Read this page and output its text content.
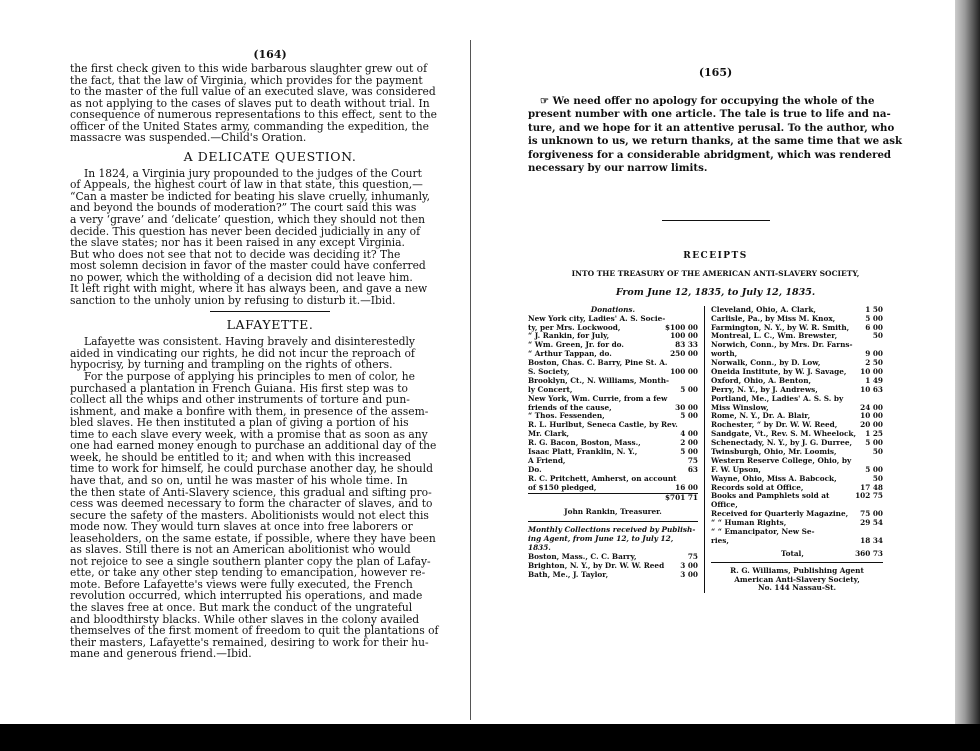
(164)
the first check given to this wide barbarous slaughter grew out of
the fact, that the law of Virginia, which provides for the payment
to the master of the full value of an executed slave, was considered
as not applying to the cases of slaves put to death without trial. In
consequence of numerous representations to this effect, sent to the
officer of the United States army, commanding the expedition, the
massacre was suspended.—Child's Oration.
A DELICATE QUESTION.
In 1824, a Virginia jury propounded to the judges of the Court
of Appeals, the highest court of law in that state, this question,—
“Can a master be indicted for beating his slave cruelly, inhumanly,
and beyond the bounds of moderation?” The court said this was
a very ‘grave’ and ‘delicate’ question, which they should not then
decide. This question has never been decided judicially in any of
the slave states; nor has it been raised in any except Virginia.
But who does not see that not to decide was deciding it? The
most solemn decision in favor of the master could have conferred
no power, which the witholding of a decision did not leave him.
It left right with might, where it has always been, and gave a new
sanction to the unholy union by refusing to disturb it.—Ibid.
LAFAYETTE.
Lafayette was consistent. Having bravely and disinterestedly
aided in vindicating our rights, he did not incur the reproach of
hypocrisy, by turning and trampling on the rights of others.
For the purpose of applying his principles to men of color, he
purchased a plantation in French Guiana. His first step was to
collect all the whips and other instruments of torture and pun-
ishment, and make a bonfire with them, in presence of the assem-
bled slaves. He then instituted a plan of giving a portion of his
time to each slave every week, with a promise that as soon as any
one had earned money enough to purchase an additional day of the
week, he should be entitled to it; and when with this increased
time to work for himself, he could purchase another day, he should
have that, and so on, until he was master of his whole time. In
the then state of Anti-Slavery science, this gradual and sifting pro-
cess was deemed necessary to form the character of slaves, and to
secure the safety of the masters. Abolitionists would not elect this
mode now. They would turn slaves at once into free laborers or
leaseholders, on the same estate, if possible, where they have been
as slaves. Still there is not an American abolitionist who would
not rejoice to see a single southern planter copy the plan of Lafay-
ette, or take any other step tending to emancipation, however re-
mote. Before Lafayette's views were fully executed, the French
revolution occurred, which interrupted his operations, and made
the slaves free at once. But mark the conduct of the ungrateful
and bloodthirsty blacks. While other slaves in the colony availed
themselves of the first moment of freedom to quit the plantations of
their masters, Lafayette's remained, desiring to work for their hu-
mane and generous friend.—Ibid.
(165)
☞ We need offer no apology for occupying the whole of the
present number with one article. The tale is true to life and na-
ture, and we hope for it an attentive perusal. To the author, who
is unknown to us, we return thanks, at the same time that we ask
forgiveness for a considerable abridgment, which was rendered
necessary by our narrow limits.
RECEIPTS
INTO THE TREASURY OF THE AMERICAN ANTI-SLAVERY SOCIETY,
From June 12, 1835, to July 12, 1835.
Donations.
New York city, Ladies' A. S. Socie-
ty, per Mrs. Lockwood,	$100 00
“ J. Rankin, for July,	100 00
“ Wm. Green, Jr. for do.	83 33
“ Arthur Tappan, do.	250 00
Boston, Chas. C. Barry, Pine St. A.
S. Society,	100 00
Brooklyn, Ct., N. Williams, Month-
ly Concert,	5 00
New York, Wm. Currie, from a few
friends of the cause,	30 00
“ Thos. Fessenden,	5 00
R. L. Hurlbut, Seneca Castle, by Rev.
Mr. Clark,	4 00
R. G. Bacon, Boston, Mass.,	2 00
Isaac Platt, Franklin, N. Y.,	5 00
A Friend,	75
Do.	63
R. C. Pritchett, Amherst, on account
of $150 pledged,	16 00
$701 71
John Rankin, Treasurer.
Monthly Collections received by Publish-ing Agent, from June 12, to July 12, 1835.
Boston, Mass., C. C. Barry,	75
Brighton, N. Y., by Dr. W. W. Reed	3 00
Bath, Me., J. Taylor,	3 00
Cleveland, Ohio, A. Clark,	1 50
Carlisle, Pa., by Miss M. Knox,	5 00
Farmington, N. Y., by W. R. Smith,	6 00
Montreal, L. C., Wm. Brewster,	50
Norwich, Conn., by Mrs. Dr. Farns-
worth,	9 00
Norwalk, Conn., by D. Low,	2 50
Oneida Institute, by W. J. Savage,	10 00
Oxford, Ohio, A. Benton,	1 49
Perry, N. Y., by J. Andrews,	10 63
Portland, Me., Ladies' A. S. S. by
Miss Winslow,	24 00
Rome, N. Y., Dr. A. Blair,	10 00
Rochester, “ by Dr. W. W. Reed,	20 00
Sandgate, Vt., Rev. S. M. Wheelock,	1 25
Schenectady, N. Y., by J. G. Durree,	5 00
Twinsburgh, Ohio, Mr. Loomis,	50
Western Reserve College, Ohio, by
F. W. Upson,	5 00
Wayne, Ohio, Miss A. Babcock,	50
Records sold at Office,	17 48
Books and Pamphlets sold at Office,
102 75
Received for Quarterly Magazine,	75 00
“ “ Human Rights,	29 54
“ “ Emancipator, New Se-
ries,	18 34
Total,	360 73
R. G. Williams, Publishing Agent
American Anti-Slavery Society,
No. 144 Nassau-St.
